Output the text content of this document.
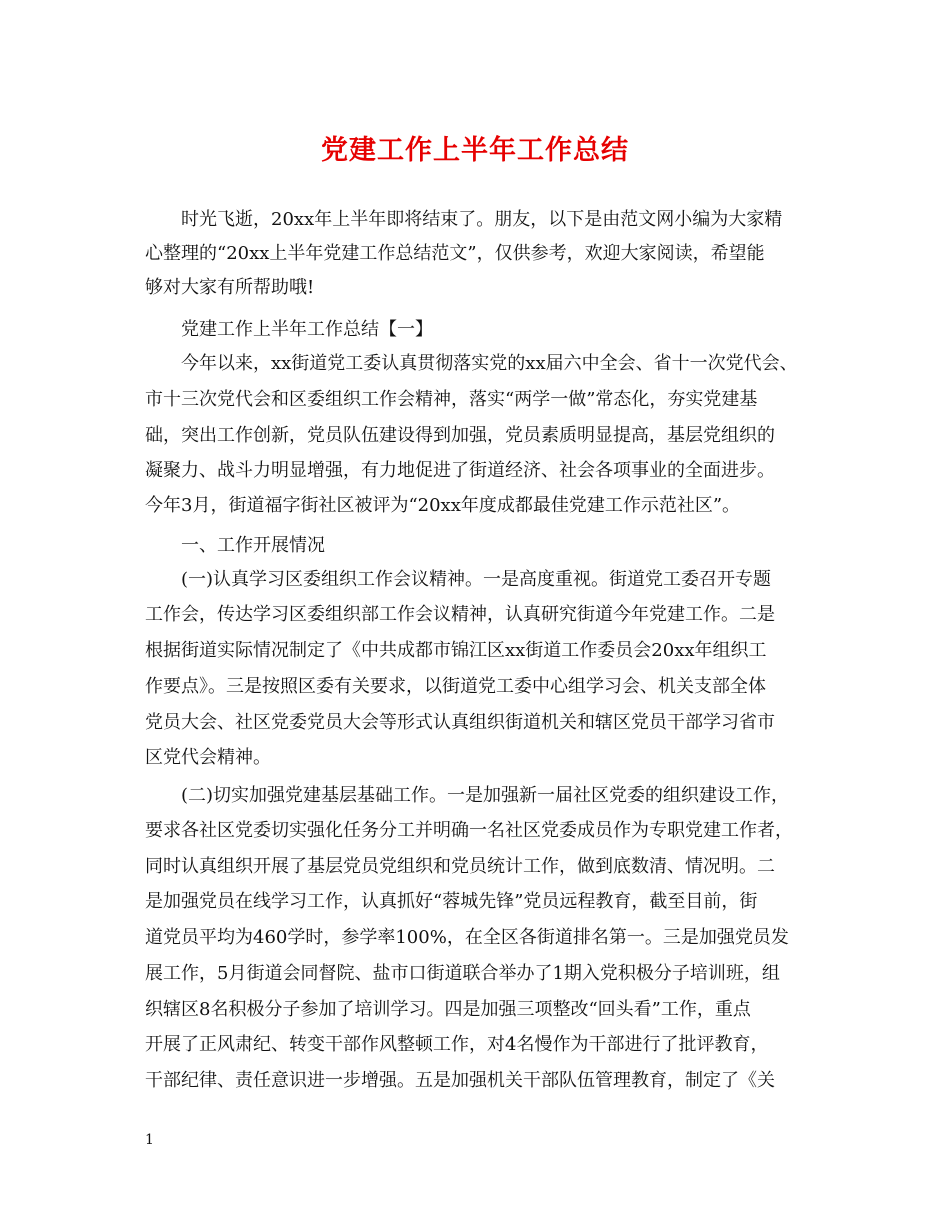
党建工作上半年工作总结

时光飞逝，20xx年上半年即将结束了。朋友，以下是由范文网小编为大家精

心整理的“20xx上半年党建工作总结范文”，仅供参考，欢迎大家阅读，希望能

够对大家有所帮助哦!

党建工作上半年工作总结【一】

今年以来，xx街道党工委认真贯彻落实党的xx届六中全会、省十一次党代会、

市十三次党代会和区委组织工作会精神，落实“两学一做”常态化，夯实党建基

础，突出工作创新，党员队伍建设得到加强，党员素质明显提高，基层党组织的

凝聚力、战斗力明显增强，有力地促进了街道经济、社会各项事业的全面进步。

今年3月，街道福字街社区被评为“20xx年度成都最佳党建工作示范社区”。

一、工作开展情况

(一)认真学习区委组织工作会议精神。一是高度重视。街道党工委召开专题

工作会，传达学习区委组织部工作会议精神，认真研究街道今年党建工作。二是

根据街道实际情况制定了《中共成都市锦江区xx街道工作委员会20xx年组织工

作要点》。三是按照区委有关要求，以街道党工委中心组学习会、机关支部全体

党员大会、社区党委党员大会等形式认真组织街道机关和辖区党员干部学习省市

区党代会精神。

(二)切实加强党建基层基础工作。一是加强新一届社区党委的组织建设工作，

要求各社区党委切实强化任务分工并明确一名社区党委成员作为专职党建工作者，

同时认真组织开展了基层党员党组织和党员统计工作，做到底数清、情况明。二

是加强党员在线学习工作，认真抓好“蓉城先锋”党员远程教育，截至目前，街

道党员平均为460学时，参学率100%，在全区各街道排名第一。三是加强党员发

展工作，5月街道会同督院、盐市口街道联合举办了1期入党积极分子培训班，组

织辖区8名积极分子参加了培训学习。四是加强三项整改“回头看”工作，重点

开展了正风肃纪、转变干部作风整顿工作，对4名慢作为干部进行了批评教育，

干部纪律、责任意识进一步增强。五是加强机关干部队伍管理教育，制定了《关

1
